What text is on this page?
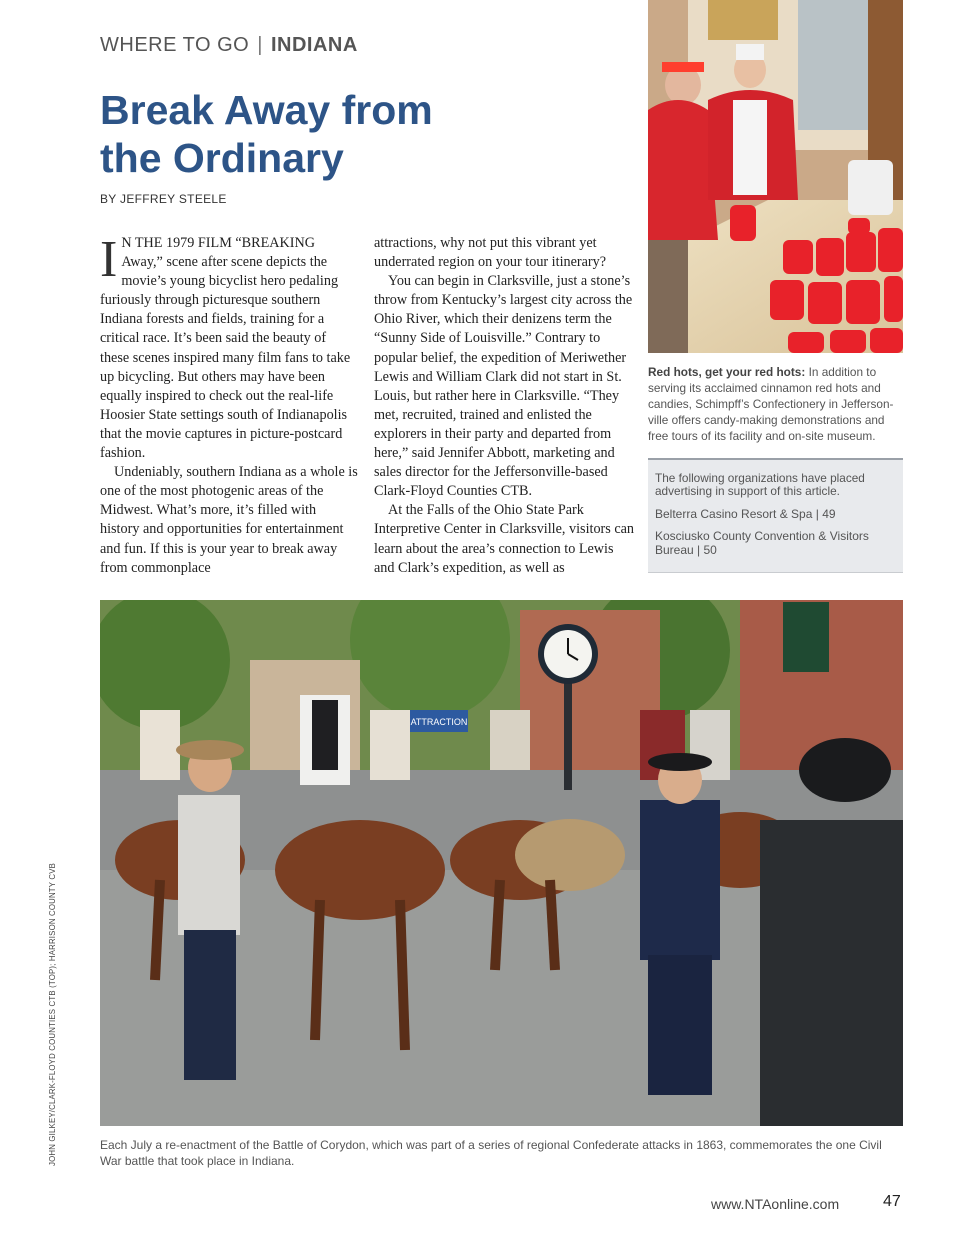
WHERE TO GO | INDIANA
Break Away from
the Ordinary
BY JEFFREY STEELE

I N THE 1979 FILM “BREAKING Away,” scene after scene depicts the movie’s young bicyclist hero pedaling furiously through picturesque southern Indiana forests and fields, training for a critical race. It’s been said the beauty of these scenes inspired many film fans to take up bicycling. But others may have been equally inspired to check out the real-life Hoosier State settings south of Indianapolis that the movie captures in picture-postcard fashion.

Undeniably, southern Indiana as a whole is one of the most photogenic areas of the Midwest. What’s more, it’s filled with history and opportunities for entertainment and fun. If this is your year to break away from commonplace

attractions, why not put this vibrant yet underrated region on your tour itinerary?

You can begin in Clarksville, just a stone’s throw from Kentucky’s largest city across the Ohio River, which their denizens term the “Sunny Side of Louisville.” Contrary to popular belief, the expedition of Meriwether Lewis and William Clark did not start in St. Louis, but rather here in Clarksville. “They met, recruited, trained and enlisted the explorers in their party and departed from here,” said Jennifer Abbott, marketing and sales director for the Jeffersonville-based Clark-Floyd Counties CTB.

At the Falls of the Ohio State Park Interpretive Center in Clarksville, visitors can learn about the area’s connection to Lewis and Clark’s expedition, as well as

Red hots, get your red hots: In addition to serving its acclaimed cinnamon red hots and candies, Schimpff’s Confectionery in Jefferson-ville offers candy-making demonstrations and free tours of its facility and on-site museum.
The following organizations have placed advertising in support of this article.
Belterra Casino Resort & Spa | 49
Kosciusko County Convention & Visitors Bureau | 50
ATTRACTION
Each July a re-enactment of the Battle of Corydon, which was part of a series of regional Confederate attacks in 1863, commemorates the one Civil War battle that took place in Indiana.
JOHN GILKEY/CLARK-FLOYD COUNTIES CTB (TOP); HARRISON COUNTY CVB
www.NTAonline.com	47
